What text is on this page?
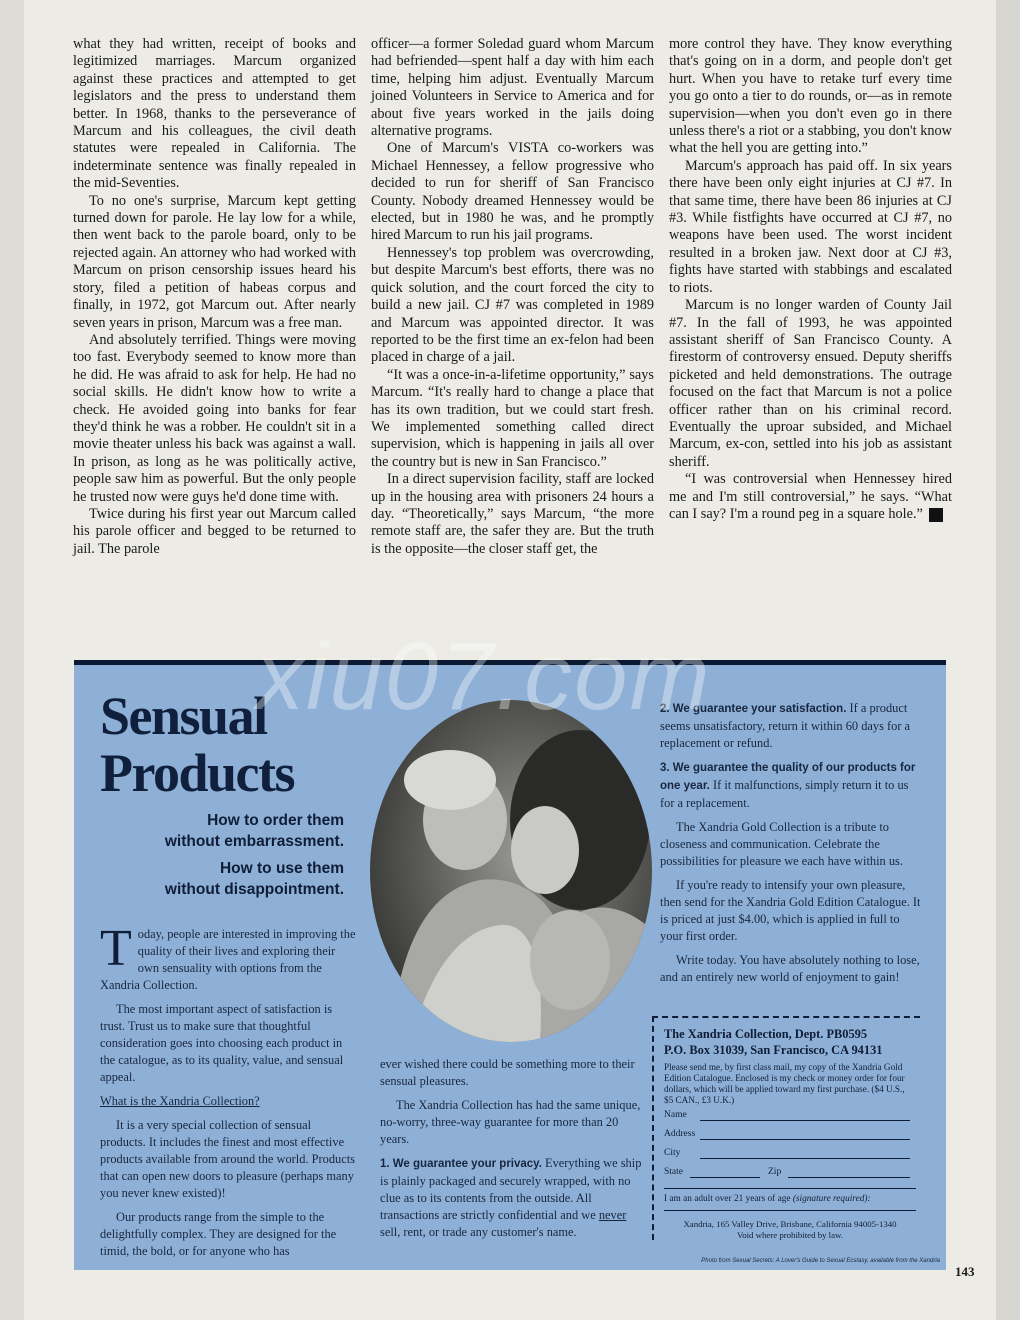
what they had written, receipt of books and legitimized marriages. Marcum organized against these practices and attempted to get legislators and the press to understand them better. In 1968, thanks to the perseverance of Marcum and his colleagues, the civil death statutes were repealed in California. The indeterminate sentence was finally repealed in the mid-Seventies.

To no one's surprise, Marcum kept getting turned down for parole. He lay low for a while, then went back to the parole board, only to be rejected again. An attorney who had worked with Marcum on prison censorship issues heard his story, filed a petition of habeas corpus and finally, in 1972, got Marcum out. After nearly seven years in prison, Marcum was a free man.

And absolutely terrified. Things were moving too fast. Everybody seemed to know more than he did. He was afraid to ask for help. He had no social skills. He didn't know how to write a check. He avoided going into banks for fear they'd think he was a robber. He couldn't sit in a movie theater unless his back was against a wall. In prison, as long as he was politically active, people saw him as powerful. But the only people he trusted now were guys he'd done time with.

Twice during his first year out Marcum called his parole officer and begged to be returned to jail. The parole

officer—a former Soledad guard whom Marcum had befriended—spent half a day with him each time, helping him adjust. Eventually Marcum joined Volunteers in Service to America and for about five years worked in the jails doing alternative programs.

One of Marcum's VISTA co-workers was Michael Hennessey, a fellow progressive who decided to run for sheriff of San Francisco County. Nobody dreamed Hennessey would be elected, but in 1980 he was, and he promptly hired Marcum to run his jail programs.

Hennessey's top problem was overcrowding, but despite Marcum's best efforts, there was no quick solution, and the court forced the city to build a new jail. CJ #7 was completed in 1989 and Marcum was appointed director. It was reported to be the first time an ex-felon had been placed in charge of a jail.

“It was a once-in-a-lifetime opportunity,” says Marcum. “It's really hard to change a place that has its own tradition, but we could start fresh. We implemented something called direct supervision, which is happening in jails all over the country but is new in San Francisco.”

In a direct supervision facility, staff are locked up in the housing area with prisoners 24 hours a day. “Theoretically,” says Marcum, “the more remote staff are, the safer they are. But the truth is the opposite—the closer staff get, the

more control they have. They know everything that's going on in a dorm, and people don't get hurt. When you have to retake turf every time you go onto a tier to do rounds, or—as in remote supervision—when you don't even go in there unless there's a riot or a stabbing, you don't know what the hell you are getting into.”

Marcum's approach has paid off. In six years there have been only eight injuries at CJ #7. In that same time, there have been 86 injuries at CJ #3. While fistfights have occurred at CJ #7, no weapons have been used. The worst incident resulted in a broken jaw. Next door at CJ #3, fights have started with stabbings and escalated to riots.

Marcum is no longer warden of County Jail #7. In the fall of 1993, he was appointed assistant sheriff of San Francisco County. A firestorm of controversy ensued. Deputy sheriffs picketed and held demonstrations. The outrage focused on the fact that Marcum is not a police officer rather than on his criminal record. Eventually the uproar subsided, and Michael Marcum, ex-con, settled into his job as assistant sheriff.

“I was controversial when Hennessey hired me and I'm still controversial,” he says. “What can I say? I'm a round peg in a square hole.” ✦

Sensual
Products
How to order them
without embarrassment.
How to use them
without disappointment.

Today, people are interested in improving the quality of their lives and exploring their own sensuality with options from the Xandria Collection.

The most important aspect of satisfaction is trust. Trust us to make sure that thoughtful consideration goes into choosing each product in the catalogue, as to its quality, value, and sensual appeal.

What is the Xandria Collection?

It is a very special collection of sensual products. It includes the finest and most effective products available from around the world. Products that can open new doors to pleasure (perhaps many you never knew existed)!

Our products range from the simple to the delightfully complex. They are designed for the timid, the bold, or for anyone who has

ever wished there could be something more to their sensual pleasures.

The Xandria Collection has had the same unique, no-worry, three-way guarantee for more than 20 years.

1. We guarantee your privacy. Everything we ship is plainly packaged and securely wrapped, with no clue as to its contents from the outside. All transactions are strictly confidential and we never sell, rent, or trade any customer's name.

2. We guarantee your satisfaction. If a product seems unsatisfactory, return it within 60 days for a replacement or refund.

3. We guarantee the quality of our products for one year. If it malfunctions, simply return it to us for a replacement.

The Xandria Gold Collection is a tribute to closeness and communication. Celebrate the possibilities for pleasure we each have within us.

If you're ready to intensify your own pleasure, then send for the Xandria Gold Edition Catalogue. It is priced at just $4.00, which is applied in full to your first order.

Write today. You have absolutely nothing to lose, and an entirely new world of enjoyment to gain!

The Xandria Collection, Dept. PB0595
P.O. Box 31039, San Francisco, CA 94131
Please send me, by first class mail, my copy of the Xandria Gold Edition Catalogue. Enclosed is my check or money order for four dollars, which will be applied toward my first purchase. ($4 U.S., $5 CAN., £3 U.K.)
Name
Address
City
State	Zip
I am an adult over 21 years of age (signature required):
Xandria, 165 Valley Drive, Brisbane, California 94005-1340
Void where prohibited by law.
Photo from Sexual Secrets: A Lover's Guide to Sexual Ecstasy, available from the Xandria
xiu07.com
143
